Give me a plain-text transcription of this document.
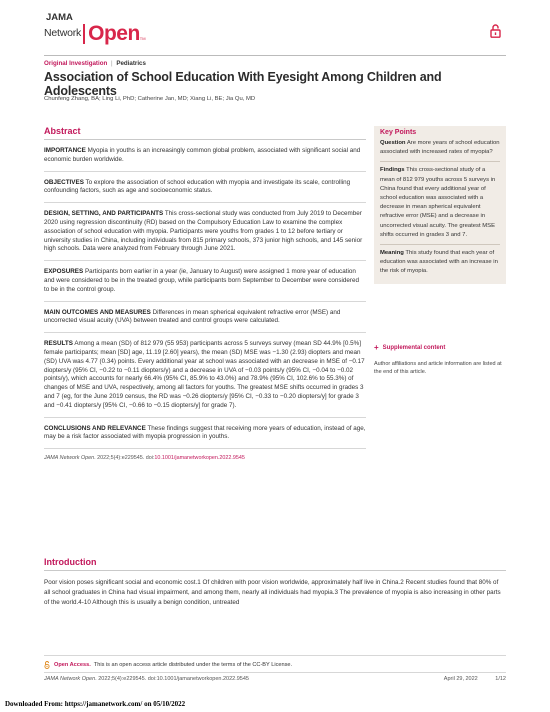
JAMA
Network Open TM
Original Investigation | Pediatrics
Association of School Education With Eyesight Among Children and Adolescents
Chunfeng Zhang, BA; Ling Li, PhD; Catherine Jan, MD; Xiang Li, BE; Jia Qu, MD
Abstract

IMPORTANCE Myopia in youths is an increasingly common global problem, associated with significant social and economic burden worldwide.

OBJECTIVES To explore the association of school education with myopia and investigate its scale, controlling confounding factors, such as age and socioeconomic status.

DESIGN, SETTING, AND PARTICIPANTS This cross-sectional study was conducted from July 2019 to December 2020 using regression discontinuity (RD) based on the Compulsory Education Law to examine the complex association of school education with myopia. Participants were youths from grades 1 to 12 before tertiary or university studies in China, including individuals from 815 primary schools, 373 junior high schools, and 145 senior high schools. Data were analyzed from February through June 2021.

EXPOSURES Participants born earlier in a year (ie, January to August) were assigned 1 more year of education and were considered to be in the treated group, while participants born September to December were considered to be in the control group.

MAIN OUTCOMES AND MEASURES Differences in mean spherical equivalent refractive error (MSE) and uncorrected visual acuity (UVA) between treated and control groups were calculated.

RESULTS Among a mean (SD) of 812 979 (55 953) participants across 5 surveys survey (mean SD 44.9% [0.5%] female participants; mean [SD] age, 11.19 [2.60] years), the mean (SD) MSE was −1.30 (2.93) diopters and mean (SD) UVA was 4.77 (0.34) points. Every additional year at school was associated with an decrease in MSE of −0.17 diopters/y (95% CI, −0.22 to −0.11 diopters/y) and a decrease in UVA of −0.03 points/y (95% CI, −0.04 to −0.02 points/y), which accounts for nearly 66.4% (95% CI, 85.9% to 43.0%) and 78.9% (95% CI, 102.6% to 55.3%) of changes of MSE and UVA, respectively, among all factors for youths. The greatest MSE shifts occurred in grades 3 and 7 (eg, for the June 2019 census, the RD was −0.26 diopters/y [95% CI, −0.33 to −0.20 diopters/y] for grade 3 and −0.41 diopters/y [95% CI, −0.66 to −0.15 diopters/y] for grade 7).

CONCLUSIONS AND RELEVANCE These findings suggest that receiving more years of education, instead of age, may be a risk factor associated with myopia progression in youths.

JAMA Network Open. 2022;5(4):e229545. doi:10.1001/jamanetworkopen.2022.9545

Key Points

Question Are more years of school education associated with increased rates of myopia?

Findings This cross-sectional study of a mean of 812 979 youths across 5 surveys in China found that every additional year of school education was associated with a decrease in mean spherical equivalent refractive error (MSE) and a decrease in uncorrected visual acuity. The greatest MSE shifts occurred in grades 3 and 7.

Meaning This study found that each year of education was associated with an increase in the risk of myopia.

+ Supplemental content
Author affiliations and article information are listed at the end of this article.
Introduction

Poor vision poses significant social and economic cost.1 Of children with poor vision worldwide, approximately half live in China.2 Recent studies found that 80% of all school graduates in China had visual impairment, and among them, nearly all individuals had myopia.3 The prevalence of myopia is also increasing in other parts of the world.4-10 Although this is usually a benign condition, untreated

Open Access. This is an open access article distributed under the terms of the CC-BY License.
JAMA Network Open. 2022;5(4):e229545. doi:10.1001/jamanetworkopen.2022.9545	April 29, 2022	1/12
Downloaded From: https://jamanetwork.com/ on 05/10/2022
